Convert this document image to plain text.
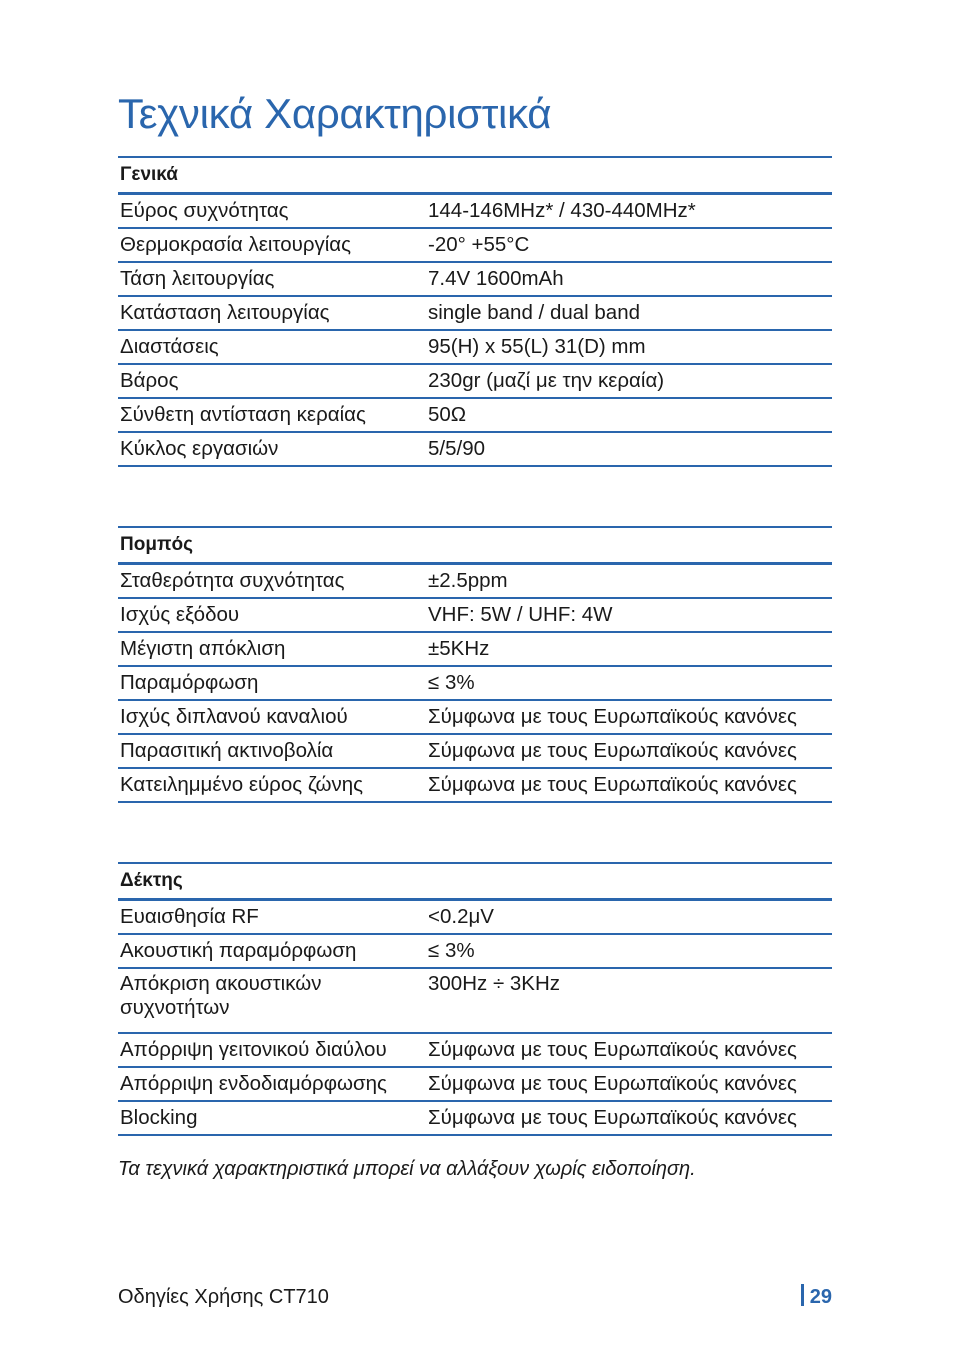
Τεχνικά Χαρακτηριστικά
Γενικά	
Εύρος συχνότητας	144-146MHz* / 430-440MHz*
Θερμοκρασία λειτουργίας	-20° +55°C
Τάση λειτουργίας	7.4V 1600mAh
Κατάσταση λειτουργίας	single band / dual band
Διαστάσεις	95(H) x 55(L) 31(D) mm
Βάρος	230gr (μαζί με την κεραία)
Σύνθετη αντίσταση κεραίας	50Ω
Κύκλος εργασιών	5/5/90
Πομπός	
Σταθερότητα συχνότητας	±2.5ppm
Ισχύς εξόδου	VHF: 5W / UHF: 4W
Μέγιστη απόκλιση	±5KHz
Παραμόρφωση	≤ 3%
Ισχύς διπλανού καναλιού	Σύμφωνα με τους Ευρωπαϊκούς κανόνες
Παρασιτική ακτινοβολία	Σύμφωνα με τους Ευρωπαϊκούς κανόνες
Κατειλημμένο εύρος ζώνης	Σύμφωνα με τους Ευρωπαϊκούς κανόνες
Δέκτης	
Ευαισθησία RF	<0.2μV
Ακουστική παραμόρφωση	≤ 3%
Απόκριση ακουστικών συχνοτήτων	300Hz ÷ 3KHz
Απόρριψη γειτονικού διαύλου	Σύμφωνα με τους Ευρωπαϊκούς κανόνες
Απόρριψη ενδοδιαμόρφωσης	Σύμφωνα με τους Ευρωπαϊκούς κανόνες
Blocking	Σύμφωνα με τους Ευρωπαϊκούς κανόνες
Τα τεχνικά χαρακτηριστικά μπορεί να αλλάξουν χωρίς ειδοποίηση.
Οδηγίες Χρήσης CT710	29
